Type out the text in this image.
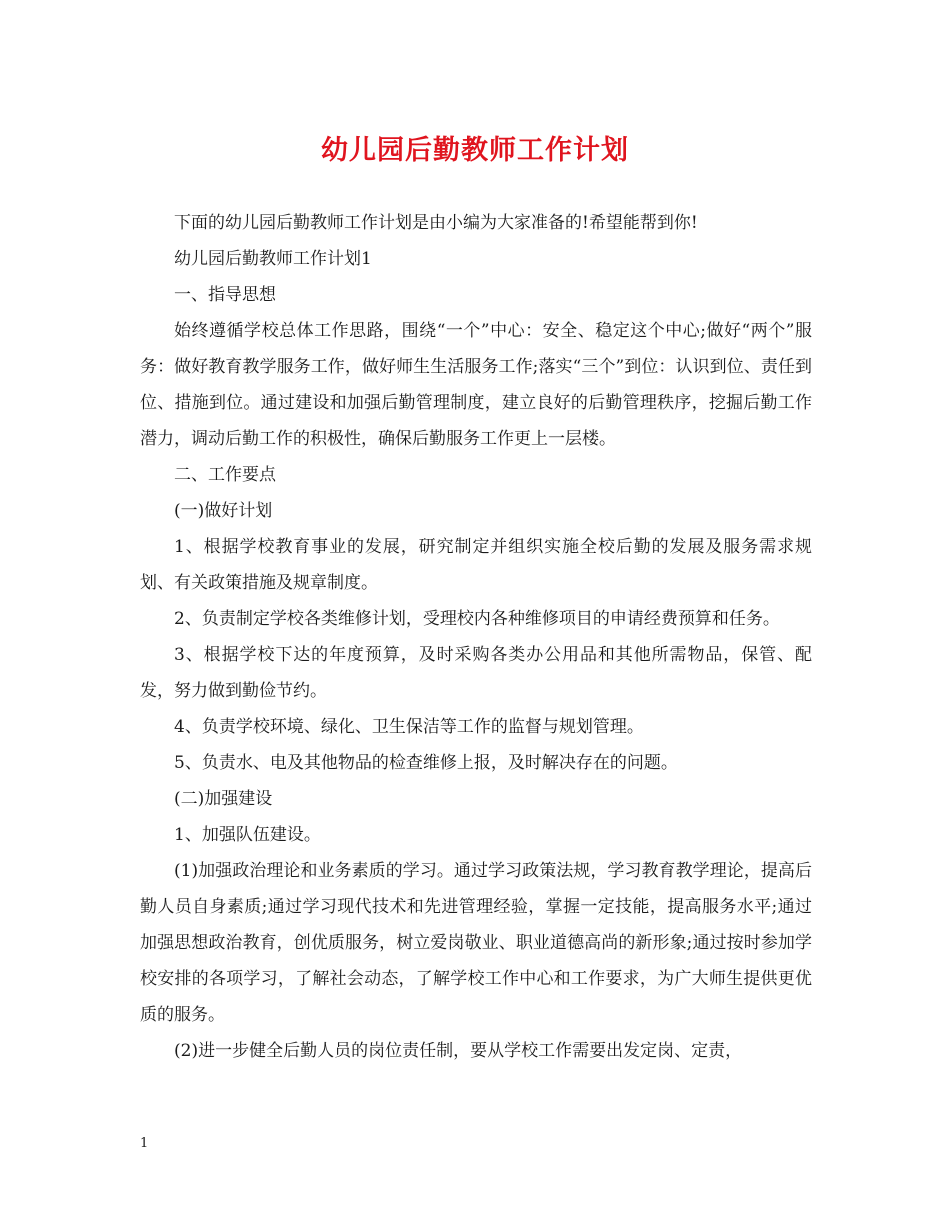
幼儿园后勤教师工作计划

下面的幼儿园后勤教师工作计划是由小编为大家准备的!希望能帮到你!

幼儿园后勤教师工作计划1

一、指导思想

始终遵循学校总体工作思路，围绕“一个”中心：安全、稳定这个中心;做好“两个”服务：做好教育教学服务工作，做好师生生活服务工作;落实“三个”到位：认识到位、责任到位、措施到位。通过建设和加强后勤管理制度，建立良好的后勤管理秩序，挖掘后勤工作潜力，调动后勤工作的积极性，确保后勤服务工作更上一层楼。

二、工作要点

(一)做好计划

1、根据学校教育事业的发展，研究制定并组织实施全校后勤的发展及服务需求规划、有关政策措施及规章制度。

2、负责制定学校各类维修计划，受理校内各种维修项目的申请经费预算和任务。

3、根据学校下达的年度预算，及时采购各类办公用品和其他所需物品，保管、配发，努力做到勤俭节约。

4、负责学校环境、绿化、卫生保洁等工作的监督与规划管理。

5、负责水、电及其他物品的检查维修上报，及时解决存在的问题。

(二)加强建设

1、加强队伍建设。

(1)加强政治理论和业务素质的学习。通过学习政策法规，学习教育教学理论，提高后勤人员自身素质;通过学习现代技术和先进管理经验，掌握一定技能，提高服务水平;通过加强思想政治教育，创优质服务，树立爱岗敬业、职业道德高尚的新形象;通过按时参加学校安排的各项学习，了解社会动态，了解学校工作中心和工作要求，为广大师生提供更优质的服务。

(2)进一步健全后勤人员的岗位责任制，要从学校工作需要出发定岗、定责，

1
